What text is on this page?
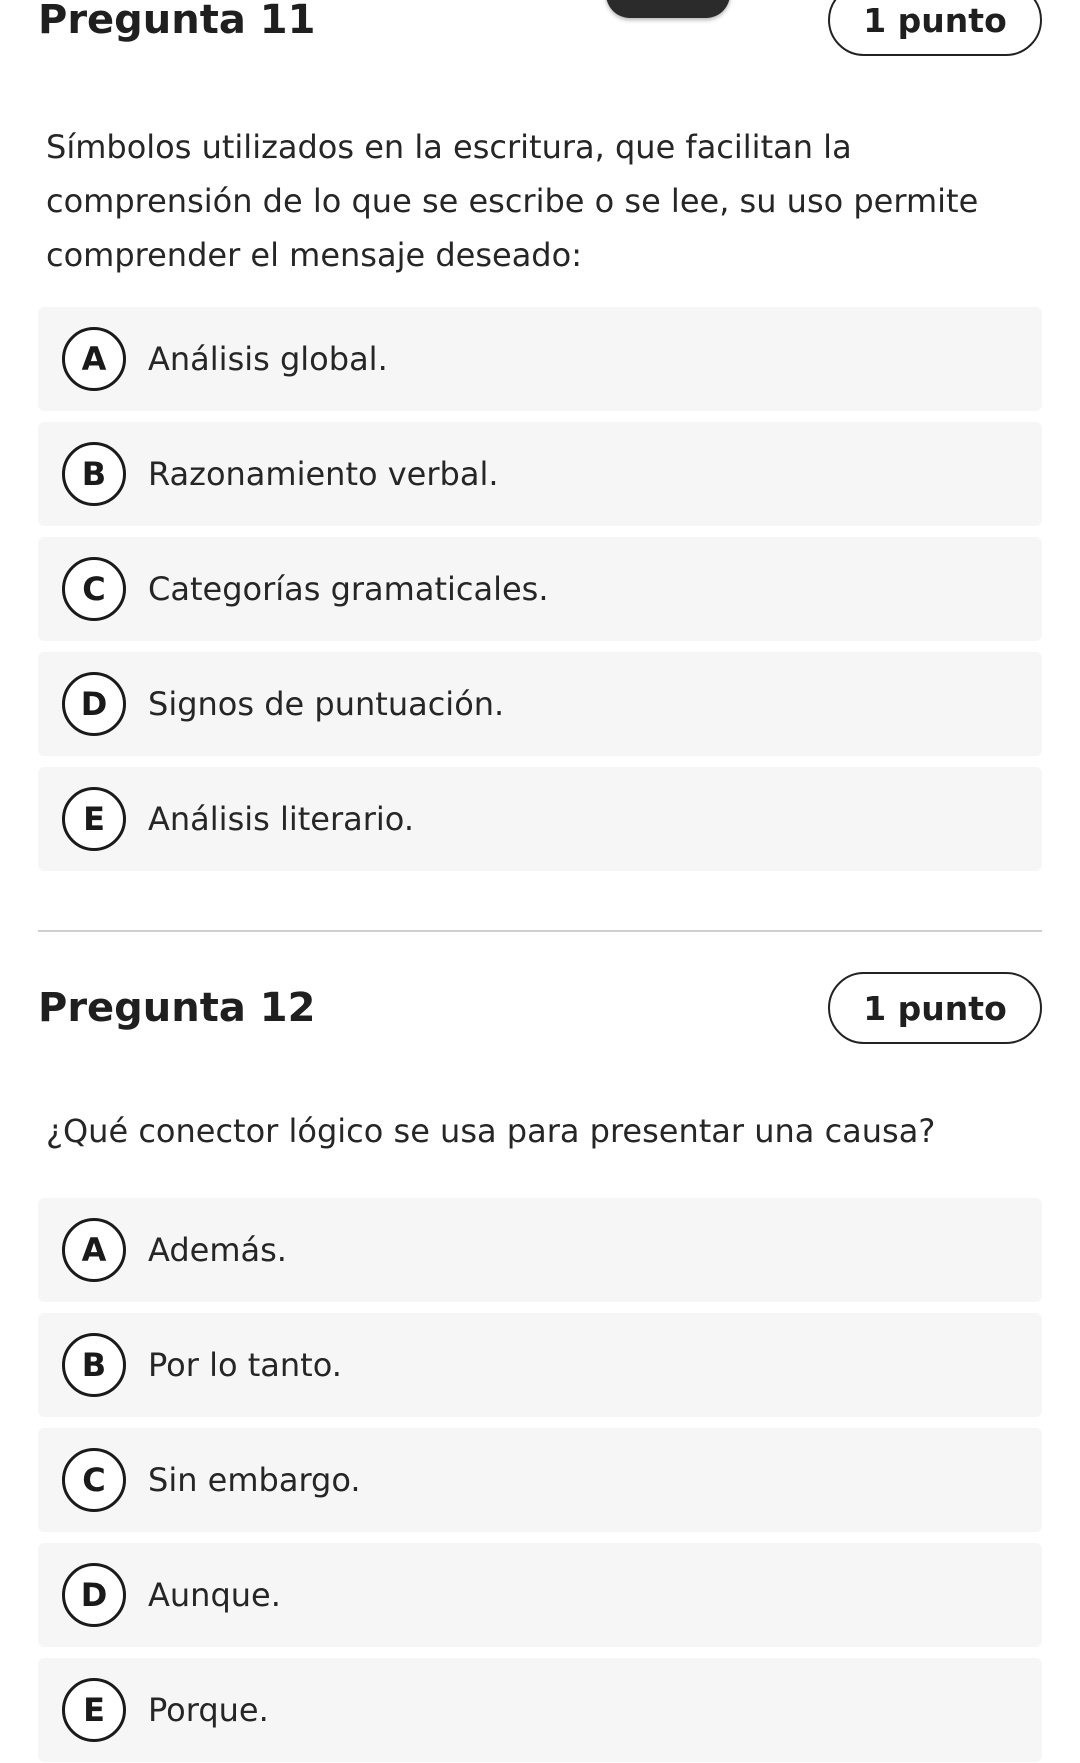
Pregunta 11	1 punto

Símbolos utilizados en la escritura, que facilitan la comprensión de lo que se escribe o se lee, su uso permite comprender el mensaje deseado:

A	Análisis global.
B	Razonamiento verbal.
C	Categorías gramaticales.
D	Signos de puntuación.
E	Análisis literario.
Pregunta 12	1 punto

¿Qué conector lógico se usa para presentar una causa?

A	Además.
B	Por lo tanto.
C	Sin embargo.
D	Aunque.
E	Porque.
